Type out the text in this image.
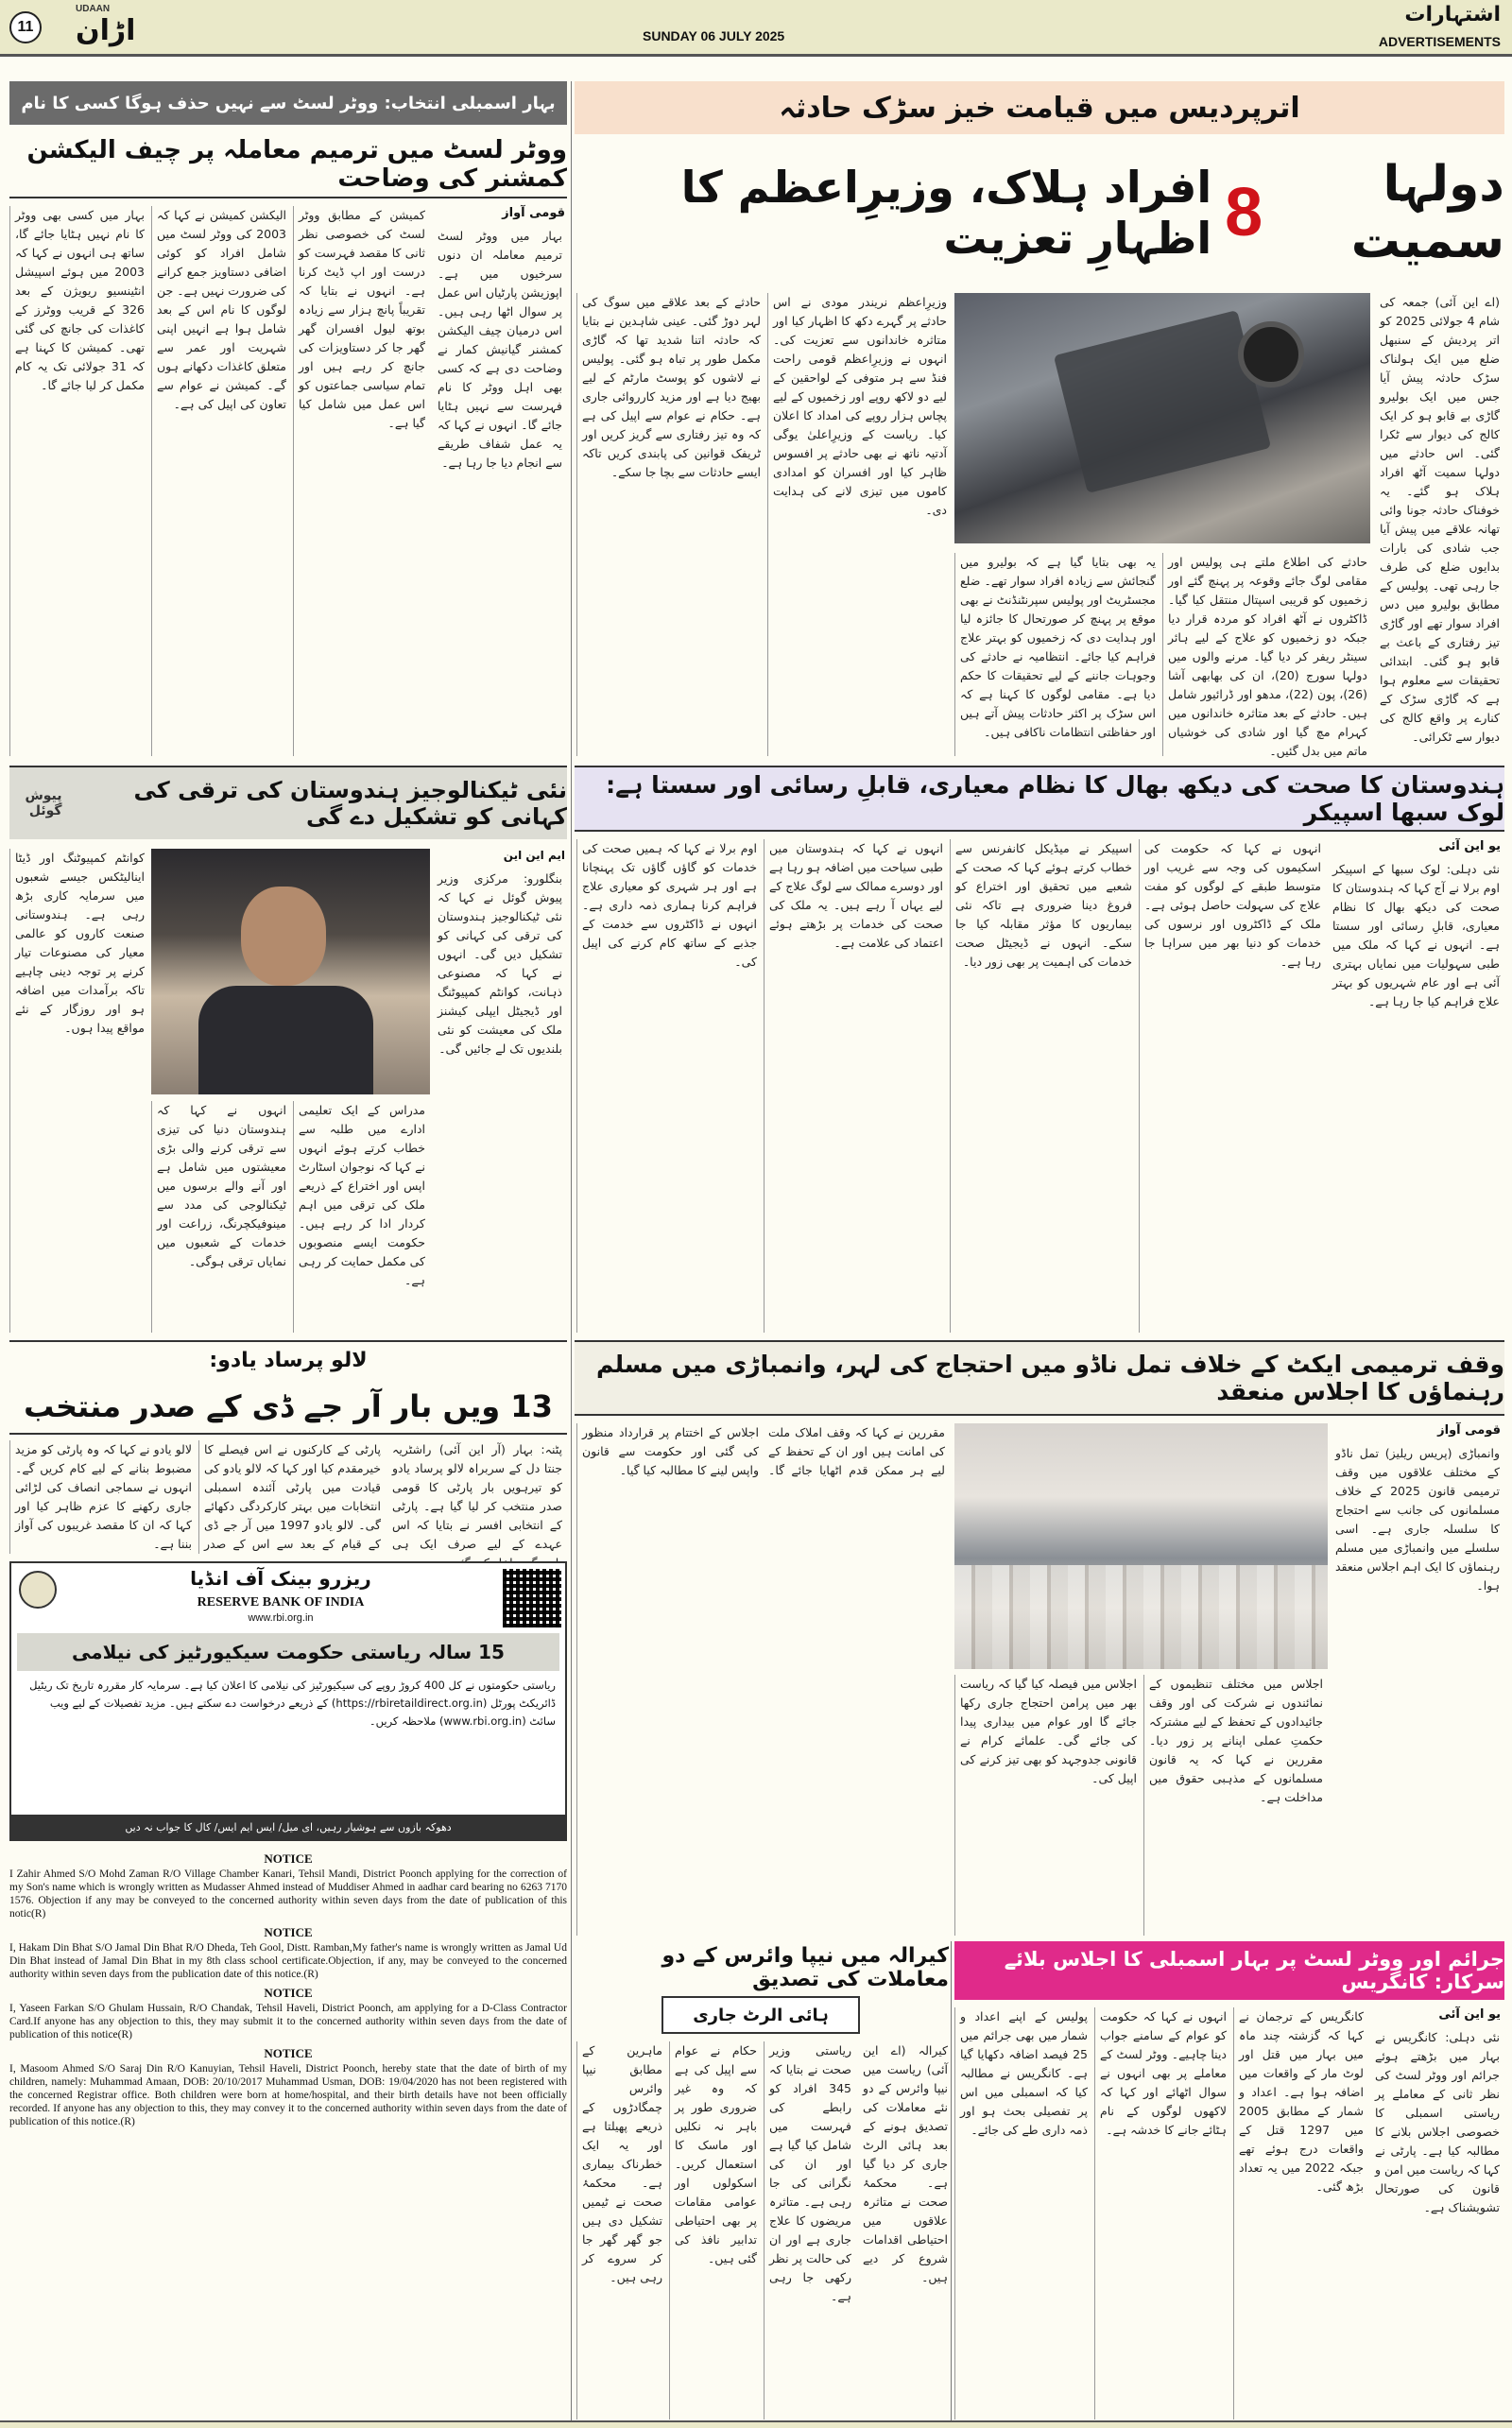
11
UDAAN
اڑان	SUNDAY 06 JULY 2025
اشتہارات
ADVERTISEMENTS
اترپردیس میں قیامت خیز سڑک حادثہ
دولہا سمیت
8
افراد ہلاک، وزیرِاعظم کا اظہارِ تعزیت
(اے این آئی) جمعہ کی شام 4 جولائی 2025 کو اتر پردیش کے سنبھل ضلع میں ایک ہولناک سڑک حادثہ پیش آیا جس میں ایک بولیرو گاڑی بے قابو ہو کر ایک کالج کی دیوار سے ٹکرا گئی۔ اس حادثے میں دولہا سمیت آٹھ افراد ہلاک ہو گئے۔ یہ خوفناک حادثہ جونا وائی تھانہ علاقے میں پیش آیا جب شادی کی بارات بدایوں ضلع کی طرف جا رہی تھی۔ پولیس کے مطابق بولیرو میں دس افراد سوار تھے اور گاڑی تیز رفتاری کے باعث بے قابو ہو گئی۔ ابتدائی تحقیقات سے معلوم ہوا ہے کہ گاڑی سڑک کے کنارے پر واقع کالج کی دیوار سے ٹکرائی۔
حادثے کی اطلاع ملتے ہی پولیس اور مقامی لوگ جائے وقوعہ پر پہنچ گئے اور زخمیوں کو قریبی اسپتال منتقل کیا گیا۔ ڈاکٹروں نے آٹھ افراد کو مردہ قرار دیا جبکہ دو زخمیوں کو علاج کے لیے ہائر سینٹر ریفر کر دیا گیا۔ مرنے والوں میں دولہا سورج (20)، ان کی بھابھی آشا (26)، پون (22)، مدھو اور ڈرائیور شامل ہیں۔ حادثے کے بعد متاثرہ خاندانوں میں کہرام مچ گیا اور شادی کی خوشیاں ماتم میں بدل گئیں۔
یہ بھی بتایا گیا ہے کہ بولیرو میں گنجائش سے زیادہ افراد سوار تھے۔ ضلع مجسٹریٹ اور پولیس سپرنٹنڈنٹ نے بھی موقع پر پہنچ کر صورتحال کا جائزہ لیا اور ہدایت دی کہ زخمیوں کو بہتر علاج فراہم کیا جائے۔ انتظامیہ نے حادثے کی وجوہات جاننے کے لیے تحقیقات کا حکم دیا ہے۔ مقامی لوگوں کا کہنا ہے کہ اس سڑک پر اکثر حادثات پیش آتے ہیں اور حفاظتی انتظامات ناکافی ہیں۔
وزیرِاعظم نریندر مودی نے اس حادثے پر گہرے دکھ کا اظہار کیا اور متاثرہ خاندانوں سے تعزیت کی۔ انہوں نے وزیرِاعظم قومی راحت فنڈ سے ہر متوفی کے لواحقین کے لیے دو لاکھ روپے اور زخمیوں کے لیے پچاس ہزار روپے کی امداد کا اعلان کیا۔ ریاست کے وزیرِاعلیٰ یوگی آدتیہ ناتھ نے بھی حادثے پر افسوس ظاہر کیا اور افسران کو امدادی کاموں میں تیزی لانے کی ہدایت دی۔
حادثے کے بعد علاقے میں سوگ کی لہر دوڑ گئی۔ عینی شاہدین نے بتایا کہ حادثہ اتنا شدید تھا کہ گاڑی مکمل طور پر تباہ ہو گئی۔ پولیس نے لاشوں کو پوسٹ مارٹم کے لیے بھیج دیا ہے اور مزید کارروائی جاری ہے۔ حکام نے عوام سے اپیل کی ہے کہ وہ تیز رفتاری سے گریز کریں اور ٹریفک قوانین کی پابندی کریں تاکہ ایسے حادثات سے بچا جا سکے۔
بہار اسمبلی انتخاب: ووٹر لسٹ سے نہیں حذف ہوگا کسی کا نام
ووٹر لسٹ میں ترمیم معاملہ پر چیف الیکشن کمشنر کی وضاحت
قومی آواز
بہار میں ووٹر لسٹ ترمیم معاملہ ان دنوں سرخیوں میں ہے۔ اپوزیشن پارٹیاں اس عمل پر سوال اٹھا رہی ہیں۔ اس درمیان چیف الیکشن کمشنر گیانیش کمار نے وضاحت دی ہے کہ کسی بھی اہل ووٹر کا نام فہرست سے نہیں ہٹایا جائے گا۔ انہوں نے کہا کہ یہ عمل شفاف طریقے سے انجام دیا جا رہا ہے۔
کمیشن کے مطابق ووٹر لسٹ کی خصوصی نظر ثانی کا مقصد فہرست کو درست اور اپ ڈیٹ کرنا ہے۔ انہوں نے بتایا کہ تقریباً پانچ ہزار سے زیادہ بوتھ لیول افسران گھر گھر جا کر دستاویزات کی جانچ کر رہے ہیں اور تمام سیاسی جماعتوں کو اس عمل میں شامل کیا گیا ہے۔
الیکشن کمیشن نے کہا کہ 2003 کی ووٹر لسٹ میں شامل افراد کو کوئی اضافی دستاویز جمع کرانے کی ضرورت نہیں ہے۔ جن لوگوں کا نام اس کے بعد شامل ہوا ہے انہیں اپنی شہریت اور عمر سے متعلق کاغذات دکھانے ہوں گے۔ کمیشن نے عوام سے تعاون کی اپیل کی ہے۔
بہار میں کسی بھی ووٹر کا نام نہیں ہٹایا جائے گا، ساتھ ہی انہوں نے کہا کہ 2003 میں ہوئے اسپیشل انٹینسیو ریویژن کے بعد 326 کے قریب ووٹرز کے کاغذات کی جانچ کی گئی تھی۔ کمیشن کا کہنا ہے کہ 31 جولائی تک یہ کام مکمل کر لیا جائے گا۔
ہندوستان کا صحت کی دیکھ بھال کا نظام معیاری، قابلِ رسائی اور سستا ہے: لوک سبھا اسپیکر
یو این آئی
نئی دہلی: لوک سبھا کے اسپیکر اوم برلا نے آج کہا کہ ہندوستان کا صحت کی دیکھ بھال کا نظام معیاری، قابلِ رسائی اور سستا ہے۔ انہوں نے کہا کہ ملک میں طبی سہولیات میں نمایاں بہتری آئی ہے اور عام شہریوں کو بہتر علاج فراہم کیا جا رہا ہے۔
انہوں نے کہا کہ حکومت کی اسکیموں کی وجہ سے غریب اور متوسط طبقے کے لوگوں کو مفت علاج کی سہولت حاصل ہوئی ہے۔ ملک کے ڈاکٹروں اور نرسوں کی خدمات کو دنیا بھر میں سراہا جا رہا ہے۔
اسپیکر نے میڈیکل کانفرنس سے خطاب کرتے ہوئے کہا کہ صحت کے شعبے میں تحقیق اور اختراع کو فروغ دینا ضروری ہے تاکہ نئی بیماریوں کا مؤثر مقابلہ کیا جا سکے۔ انہوں نے ڈیجیٹل صحت خدمات کی اہمیت پر بھی زور دیا۔
انہوں نے کہا کہ ہندوستان میں طبی سیاحت میں اضافہ ہو رہا ہے اور دوسرے ممالک سے لوگ علاج کے لیے یہاں آ رہے ہیں۔ یہ ملک کی صحت کی خدمات پر بڑھتے ہوئے اعتماد کی علامت ہے۔
اوم برلا نے کہا کہ ہمیں صحت کی خدمات کو گاؤں گاؤں تک پہنچانا ہے اور ہر شہری کو معیاری علاج فراہم کرنا ہماری ذمہ داری ہے۔ انہوں نے ڈاکٹروں سے خدمت کے جذبے کے ساتھ کام کرنے کی اپیل کی۔
نئی ٹیکنالوجیز ہندوستان کی ترقی کی کہانی کو تشکیل دے گی
پیوش گوئل
ایم این این
بنگلورو: مرکزی وزیر پیوش گوئل نے کہا کہ نئی ٹیکنالوجیز ہندوستان کی ترقی کی کہانی کو تشکیل دیں گی۔ انہوں نے کہا کہ مصنوعی ذہانت، کوانٹم کمپیوٹنگ اور ڈیجیٹل ایپلی کیشنز ملک کی معیشت کو نئی بلندیوں تک لے جائیں گی۔
مدراس کے ایک تعلیمی ادارے میں طلبہ سے خطاب کرتے ہوئے انہوں نے کہا کہ نوجوان اسٹارٹ اپس اور اختراع کے ذریعے ملک کی ترقی میں اہم کردار ادا کر رہے ہیں۔ حکومت ایسے منصوبوں کی مکمل حمایت کر رہی ہے۔
انہوں نے کہا کہ ہندوستان دنیا کی تیزی سے ترقی کرنے والی بڑی معیشتوں میں شامل ہے اور آنے والے برسوں میں ٹیکنالوجی کی مدد سے مینوفیکچرنگ، زراعت اور خدمات کے شعبوں میں نمایاں ترقی ہوگی۔
کوانٹم کمپیوٹنگ اور ڈیٹا اینالیٹکس جیسے شعبوں میں سرمایہ کاری بڑھ رہی ہے۔ ہندوستانی صنعت کاروں کو عالمی معیار کی مصنوعات تیار کرنے پر توجہ دینی چاہیے تاکہ برآمدات میں اضافہ ہو اور روزگار کے نئے مواقع پیدا ہوں۔
لالو پرساد یادو:
13 ویں بار آر جے ڈی کے صدر منتخب
پٹنہ: بہار (آر این آئی) راشٹریہ جنتا دل کے سربراہ لالو پرساد یادو کو تیرہویں بار پارٹی کا قومی صدر منتخب کر لیا گیا ہے۔ پارٹی کے انتخابی افسر نے بتایا کہ اس عہدے کے لیے صرف ایک ہی
پارٹی کے کارکنوں نے اس فیصلے کا خیرمقدم کیا اور کہا کہ لالو یادو کی قیادت میں پارٹی آئندہ اسمبلی انتخابات میں بہتر کارکردگی دکھائے گی۔ لالو یادو 1997 میں آر جے ڈی کے قیام کے بعد سے اس کے صدر
لالو یادو نے کہا کہ وہ پارٹی کو مزید مضبوط بنانے کے لیے کام کریں گے۔ انہوں نے سماجی انصاف کی لڑائی جاری رکھنے کا عزم ظاہر کیا اور کہا کہ ان کا مقصد غریبوں کی آواز بننا ہے۔
ریزرو بینک آف انڈیا
RESERVE BANK OF INDIA
www.rbi.org.in
15 سالہ ریاستی حکومت سیکیورٹیز کی نیلامی
ریاستی حکومتوں نے کل 400 کروڑ روپے کی سیکیورٹیز کی نیلامی کا اعلان کیا ہے۔ سرمایہ کار مقررہ تاریخ تک ریٹیل ڈائریکٹ پورٹل (https://rbiretaildirect.org.in) کے ذریعے درخواست دے سکتے ہیں۔ مزید تفصیلات کے لیے ویب سائٹ (www.rbi.org.in) ملاحظہ کریں۔
دھوکہ بازوں سے ہوشیار رہیں، ای میل/ ایس ایم ایس/ کال کا جواب نہ دیں
NOTICE
I Zahir Ahmed S/O Mohd Zaman R/O Village Chamber Kanari, Tehsil Mandi, District Poonch applying for the correction of my Son's name which is wrongly written as Mudasser Ahmed instead of Muddiser Ahmed in aadhar card bearing no 6263 7170 1576. Objection if any may be conveyed to the concerned authority within seven days from the date of publication of this notic(R)
NOTICE
I, Hakam Din Bhat S/O Jamal Din Bhat R/O Dheda, Teh Gool, Distt. Ramban,My father's name is wrongly written as Jamal Ud Din Bhat instead of Jamal Din Bhat in my 8th class school certificate.Objection, if any, may be conveyed to the concerned authority within seven days from the publication date of this notice.(R)
NOTICE
I, Yaseen Farkan S/O Ghulam Hussain, R/O Chandak, Tehsil Haveli, District Poonch, am applying for a D-Class Contractor Card.If anyone has any objection to this, they may submit it to the concerned authority within seven days from the date of publication of this notice(R)
NOTICE
I, Masoom Ahmed S/O Saraj Din R/O Kanuyian, Tehsil Haveli, District Poonch, hereby state that the date of birth of my children, namely: Muhammad Amaan, DOB: 20/10/2017 Muhammad Usman, DOB: 19/04/2020 has not been registered with the concerned Registrar office. Both children were born at home/hospital, and their birth details have not been officially recorded. If anyone has any objection to this, they may convey it to the concerned authority within seven days from the date of publication of this notice.(R)
وقف ترمیمی ایکٹ کے خلاف تمل ناڈو میں احتجاج کی لہر، وانمباڑی میں مسلم رہنماؤں کا اجلاس منعقد
قومی آواز
وانمباڑی (پریس ریلیز) تمل ناڈو کے مختلف علاقوں میں وقف ترمیمی قانون 2025 کے خلاف مسلمانوں کی جانب سے احتجاج کا سلسلہ جاری ہے۔ اسی سلسلے میں وانمباڑی میں مسلم رہنماؤں کا ایک اہم اجلاس منعقد ہوا۔
اجلاس میں مختلف تنظیموں کے نمائندوں نے شرکت کی اور وقف جائیدادوں کے تحفظ کے لیے مشترکہ حکمتِ عملی اپنانے پر زور دیا۔ مقررین نے کہا کہ یہ قانون مسلمانوں کے مذہبی حقوق میں مداخلت ہے۔
اجلاس میں فیصلہ کیا گیا کہ ریاست بھر میں پرامن احتجاج جاری رکھا جائے گا اور عوام میں بیداری پیدا کی جائے گی۔ علمائے کرام نے قانونی جدوجہد کو بھی تیز کرنے کی اپیل کی۔
مقررین نے کہا کہ وقف املاک ملت کی امانت ہیں اور ان کے تحفظ کے لیے ہر ممکن قدم اٹھایا جائے گا۔ اجلاس کے اختتام پر قرارداد منظور کی گئی اور حکومت سے قانون واپس لینے کا مطالبہ کیا گیا۔
جرائم اور ووٹر لسٹ پر بہار اسمبلی کا اجلاس بلائے سرکار: کانگریس
یو این آئی
نئی دہلی: کانگریس نے بہار میں بڑھتے ہوئے جرائم اور ووٹر لسٹ کی نظر ثانی کے معاملے پر ریاستی اسمبلی کا خصوصی اجلاس بلانے کا مطالبہ کیا ہے۔ پارٹی نے کہا کہ ریاست میں امن و قانون کی صورتحال تشویشناک ہے۔
کانگریس کے ترجمان نے کہا کہ گزشتہ چند ماہ میں بہار میں قتل اور لوٹ مار کے واقعات میں اضافہ ہوا ہے۔ اعداد و شمار کے مطابق 2005 میں 1297 قتل کے واقعات درج ہوئے تھے جبکہ 2022 میں یہ تعداد بڑھ گئی۔
انہوں نے کہا کہ حکومت کو عوام کے سامنے جواب دینا چاہیے۔ ووٹر لسٹ کے معاملے پر بھی انہوں نے سوال اٹھائے اور کہا کہ لاکھوں لوگوں کے نام ہٹائے جانے کا خدشہ ہے۔
پولیس کے اپنے اعداد و شمار میں بھی جرائم میں 25 فیصد اضافہ دکھایا گیا ہے۔ کانگریس نے مطالبہ کیا کہ اسمبلی میں اس پر تفصیلی بحث ہو اور ذمہ داری طے کی جائے۔
کیرالہ میں نیپا وائرس کے دو معاملات کی تصدیق
ہائی الرٹ جاری
کیرالہ (اے این آئی) ریاست میں نیپا وائرس کے دو نئے معاملات کی تصدیق ہونے کے بعد ہائی الرٹ جاری کر دیا گیا ہے۔ محکمۂ صحت نے متاثرہ علاقوں میں احتیاطی اقدامات شروع کر دیے ہیں۔
ریاستی وزیر صحت نے بتایا کہ 345 افراد کو رابطے کی فہرست میں شامل کیا گیا ہے اور ان کی نگرانی کی جا رہی ہے۔ متاثرہ مریضوں کا علاج جاری ہے اور ان کی حالت پر نظر رکھی جا رہی ہے۔
حکام نے عوام سے اپیل کی ہے کہ وہ غیر ضروری طور پر باہر نہ نکلیں اور ماسک کا استعمال کریں۔ اسکولوں اور عوامی مقامات پر بھی احتیاطی تدابیر نافذ کی گئی ہیں۔
ماہرین کے مطابق نیپا وائرس چمگادڑوں کے ذریعے پھیلتا ہے اور یہ ایک خطرناک بیماری ہے۔ محکمۂ صحت نے ٹیمیں تشکیل دی ہیں جو گھر گھر جا کر سروے کر رہی ہیں۔
